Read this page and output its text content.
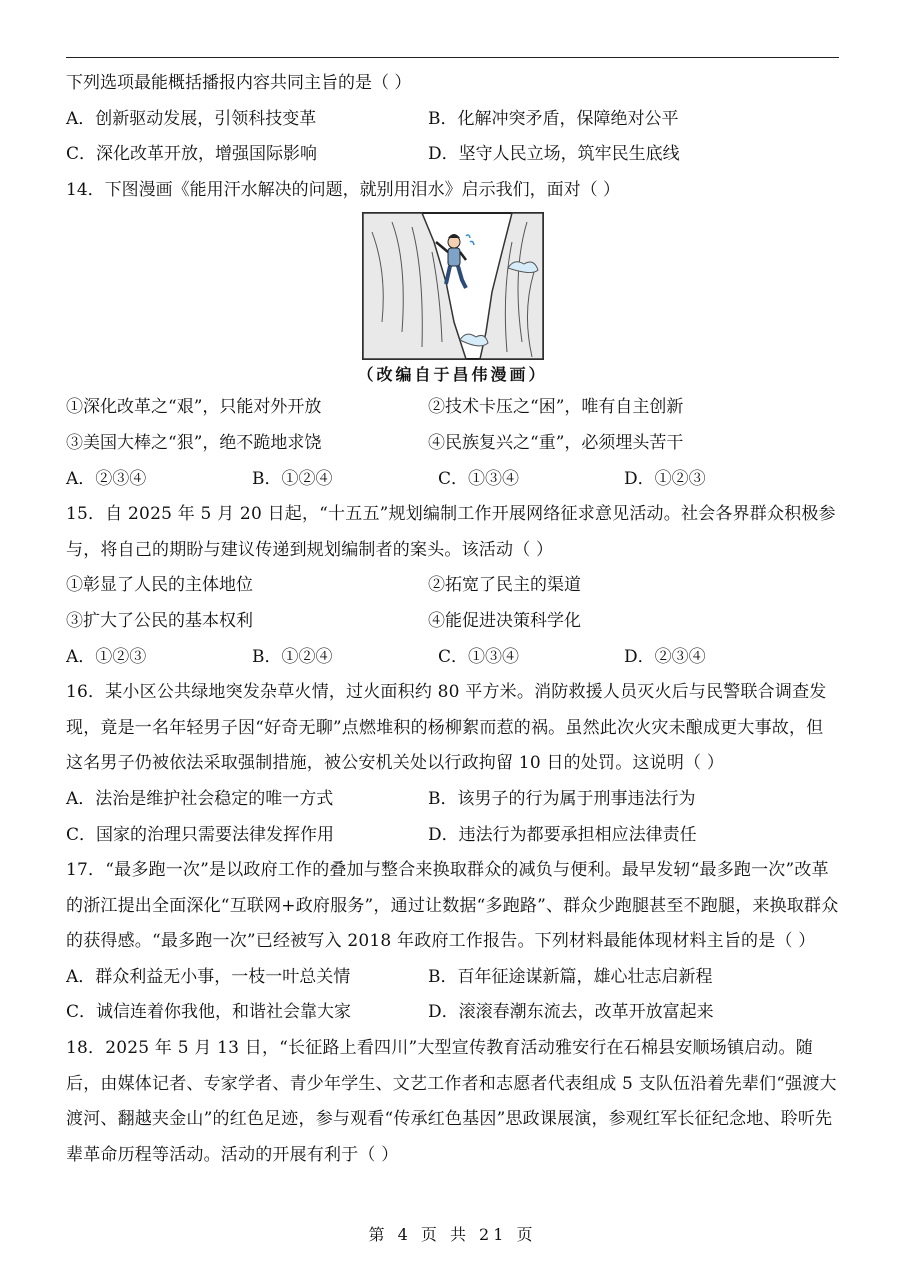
下列选项最能概括播报内容共同主旨的是（ ）
A．创新驱动发展，引领科技变革	B．化解冲突矛盾，保障绝对公平
C．深化改革开放，增强国际影响	D．坚守人民立场，筑牢民生底线
14．下图漫画《能用汗水解决的问题，就别用泪水》启示我们，面对（ ）
（改编自于昌伟漫画）
①深化改革之“艰”，只能对外开放	②技术卡压之“困”，唯有自主创新
③美国大棒之“狠”，绝不跪地求饶	④民族复兴之“重”，必须埋头苦干
A．②③④	B．①②④	C．①③④	D．①②③
15．自 2025 年 5 月 20 日起，“十五五”规划编制工作开展网络征求意见活动。社会各界群众积极参与，将自己的期盼与建议传递到规划编制者的案头。该活动（ ）
①彰显了人民的主体地位	②拓宽了民主的渠道
③扩大了公民的基本权利	④能促进决策科学化
A．①②③	B．①②④	C．①③④	D．②③④
16．某小区公共绿地突发杂草火情，过火面积约 80 平方米。消防救援人员灭火后与民警联合调查发现，竟是一名年轻男子因“好奇无聊”点燃堆积的杨柳絮而惹的祸。虽然此次火灾未酿成更大事故，但这名男子仍被依法采取强制措施，被公安机关处以行政拘留 10 日的处罚。这说明（ ）
A．法治是维护社会稳定的唯一方式	B．该男子的行为属于刑事违法行为
C．国家的治理只需要法律发挥作用	D．违法行为都要承担相应法律责任
17．“最多跑一次”是以政府工作的叠加与整合来换取群众的减负与便利。最早发轫“最多跑一次”改革的浙江提出全面深化“互联网+政府服务”，通过让数据“多跑路”、群众少跑腿甚至不跑腿，来换取群众的获得感。“最多跑一次”已经被写入 2018 年政府工作报告。下列材料最能体现材料主旨的是（ ）
A．群众利益无小事，一枝一叶总关情	B．百年征途谋新篇，雄心壮志启新程
C．诚信连着你我他，和谐社会靠大家	D．滚滚春潮东流去，改革开放富起来
18．2025 年 5 月 13 日，“长征路上看四川”大型宣传教育活动雅安行在石棉县安顺场镇启动。随后，由媒体记者、专家学者、青少年学生、文艺工作者和志愿者代表组成 5 支队伍沿着先辈们“强渡大渡河、翻越夹金山”的红色足迹，参与观看“传承红色基因”思政课展演，参观红军长征纪念地、聆听先辈革命历程等活动。活动的开展有利于（ ）
第 4 页 共 21 页
